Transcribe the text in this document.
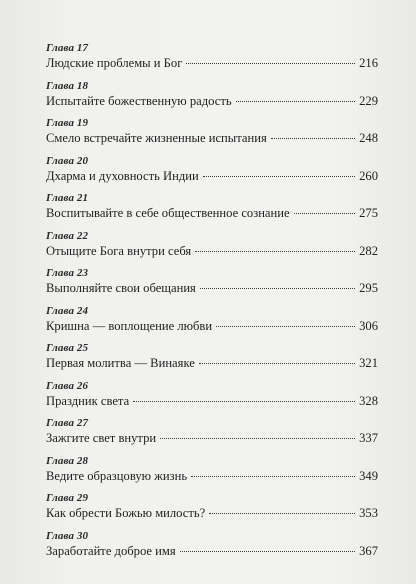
Глава 17
Людские проблемы и Бог	216
Глава 18
Испытайте божественную радость	229
Глава 19
Смело встречайте жизненные испытания	248
Глава 20
Дхарма и духовность Индии	260
Глава 21
Воспитывайте в себе общественное сознание	275
Глава 22
Отыщите Бога внутри себя	282
Глава 23
Выполняйте свои обещания	295
Глава 24
Кришна — воплощение любви	306
Глава 25
Первая молитва — Винаяке	321
Глава 26
Праздник света	328
Глава 27
Зажгите свет внутри	337
Глава 28
Ведите образцовую жизнь	349
Глава 29
Как обрести Божью милость?	353
Глава 30
Заработайте доброе имя	367
